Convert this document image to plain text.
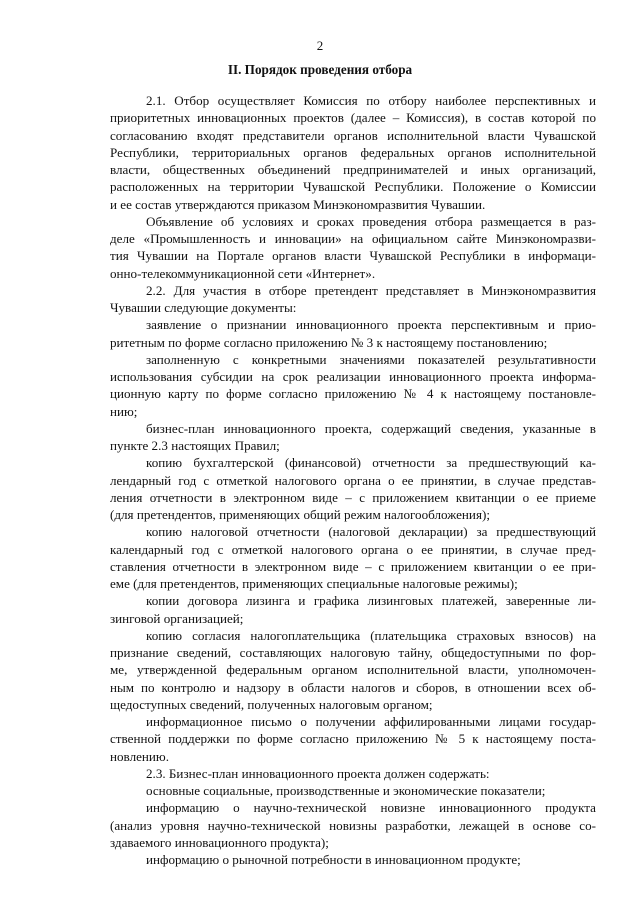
2
II. Порядок проведения отбора
2.1. Отбор осуществляет Комиссия по отбору наиболее перспективных и
приоритетных инновационных проектов (далее – Комиссия), в состав которой по
согласованию входят представители органов исполнительной власти Чувашской
Республики, территориальных органов федеральных органов исполнительной
власти, общественных объединений предпринимателей и иных организаций,
расположенных на территории Чувашской Республики. Положение о Комиссии
и ее состав утверждаются приказом Минэкономразвития Чувашии.
Объявление об условиях и сроках проведения отбора размещается в раз-
деле «Промышленность и инновации» на официальном сайте Минэкономразви-
тия Чувашии на Портале органов власти Чувашской Республики в информаци-
онно-телекоммуникационной сети «Интернет».
2.2. Для участия в отборе претендент представляет в Минэкономразвития
Чувашии следующие документы:
заявление о признании инновационного проекта перспективным и прио-
ритетным по форме согласно приложению № 3 к настоящему постановлению;
заполненную с конкретными значениями показателей результативности
использования субсидии на срок реализации инновационного проекта информа-
ционную карту по форме согласно приложению № 4 к настоящему постановле-
нию;
бизнес-план инновационного проекта, содержащий сведения, указанные в
пункте 2.3 настоящих Правил;
копию бухгалтерской (финансовой) отчетности за предшествующий ка-
лендарный год с отметкой налогового органа о ее принятии, в случае представ-
ления отчетности в электронном виде – с приложением квитанции о ее приеме
(для претендентов, применяющих общий режим налогообложения);
копию налоговой отчетности (налоговой декларации) за предшествующий
календарный год с отметкой налогового органа о ее принятии, в случае пред-
ставления отчетности в электронном виде – с приложением квитанции о ее при-
еме (для претендентов, применяющих специальные налоговые режимы);
копии договора лизинга и графика лизинговых платежей, заверенные ли-
зинговой организацией;
копию согласия налогоплательщика (плательщика страховых взносов) на
признание сведений, составляющих налоговую тайну, общедоступными по фор-
ме, утвержденной федеральным органом исполнительной власти, уполномочен-
ным по контролю и надзору в области налогов и сборов, в отношении всех об-
щедоступных сведений, полученных налоговым органом;
информационное письмо о получении аффилированными лицами государ-
ственной поддержки по форме согласно приложению № 5 к настоящему поста-
новлению.
2.3. Бизнес-план инновационного проекта должен содержать:
основные социальные, производственные и экономические показатели;
информацию о научно-технической новизне инновационного продукта
(анализ уровня научно-технической новизны разработки, лежащей в основе со-
здаваемого инновационного продукта);
информацию о рыночной потребности в инновационном продукте;
